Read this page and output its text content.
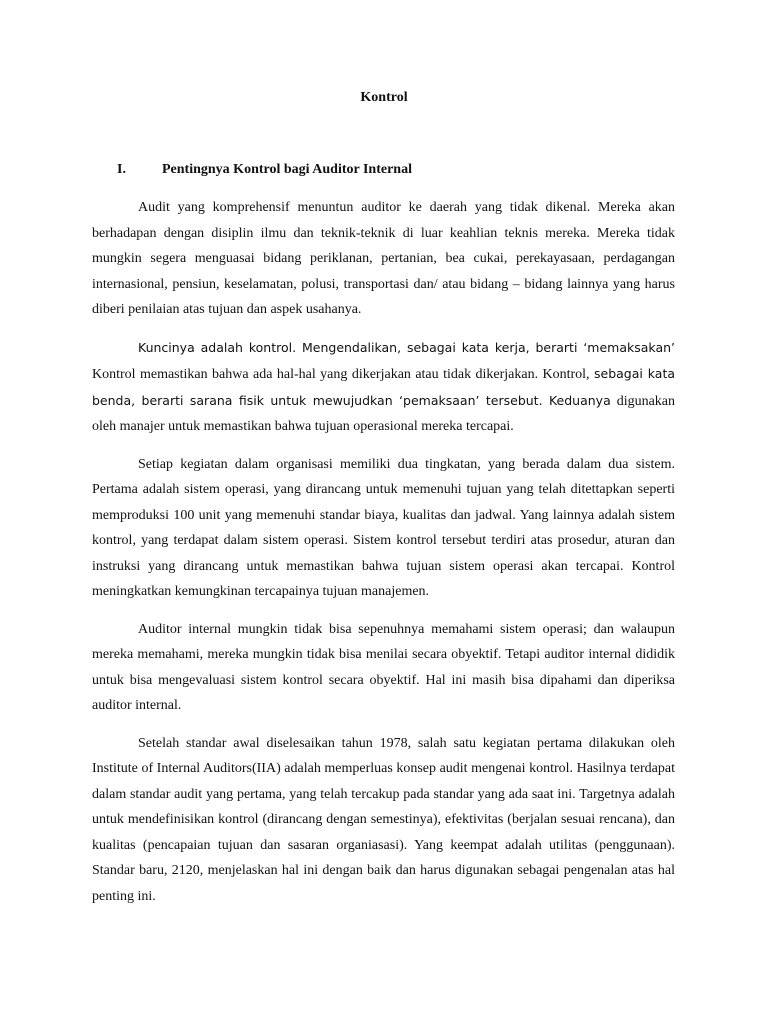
Kontrol
I.	Pentingnya Kontrol bagi Auditor Internal

Audit yang komprehensif menuntun auditor ke daerah yang tidak dikenal. Mereka akan berhadapan dengan disiplin ilmu dan teknik-teknik di luar keahlian teknis mereka. Mereka tidak mungkin segera menguasai bidang periklanan, pertanian, bea cukai, perekayasaan, perdagangan internasional, pensiun, keselamatan, polusi, transportasi dan/ atau bidang – bidang lainnya yang harus diberi penilaian atas tujuan dan aspek usahanya.

Kuncinya adalah kontrol. Mengendalikan, sebagai kata kerja, berarti ‘memaksakan’ Kontrol memastikan bahwa ada hal-hal yang dikerjakan atau tidak dikerjakan. Kontrol, sebagai kata benda, berarti sarana fisik untuk mewujudkan ‘pemaksaan’ tersebut. Keduanya digunakan oleh manajer untuk memastikan bahwa tujuan operasional mereka tercapai.

Setiap kegiatan dalam organisasi memiliki dua tingkatan, yang berada dalam dua sistem. Pertama adalah sistem operasi, yang dirancang untuk memenuhi tujuan yang telah ditettapkan seperti memproduksi 100 unit yang memenuhi standar biaya, kualitas dan jadwal. Yang lainnya adalah sistem kontrol, yang terdapat dalam sistem operasi. Sistem kontrol tersebut terdiri atas prosedur, aturan dan instruksi yang dirancang untuk memastikan bahwa tujuan sistem operasi akan tercapai. Kontrol meningkatkan kemungkinan tercapainya tujuan manajemen.

Auditor internal mungkin tidak bisa sepenuhnya memahami sistem operasi; dan walaupun mereka memahami, mereka mungkin tidak bisa menilai secara obyektif. Tetapi auditor internal dididik untuk bisa mengevaluasi sistem kontrol secara obyektif. Hal ini masih bisa dipahami dan diperiksa auditor internal.

Setelah standar awal diselesaikan tahun 1978, salah satu kegiatan pertama dilakukan oleh Institute of Internal Auditors(IIA) adalah memperluas konsep audit mengenai kontrol. Hasilnya terdapat dalam standar audit yang pertama, yang telah tercakup pada standar yang ada saat ini. Targetnya adalah untuk mendefinisikan kontrol (dirancang dengan semestinya), efektivitas (berjalan sesuai rencana), dan kualitas (pencapaian tujuan dan sasaran organiasasi). Yang keempat adalah utilitas (penggunaan). Standar baru, 2120, menjelaskan hal ini dengan baik dan harus digunakan sebagai pengenalan atas hal penting ini.
